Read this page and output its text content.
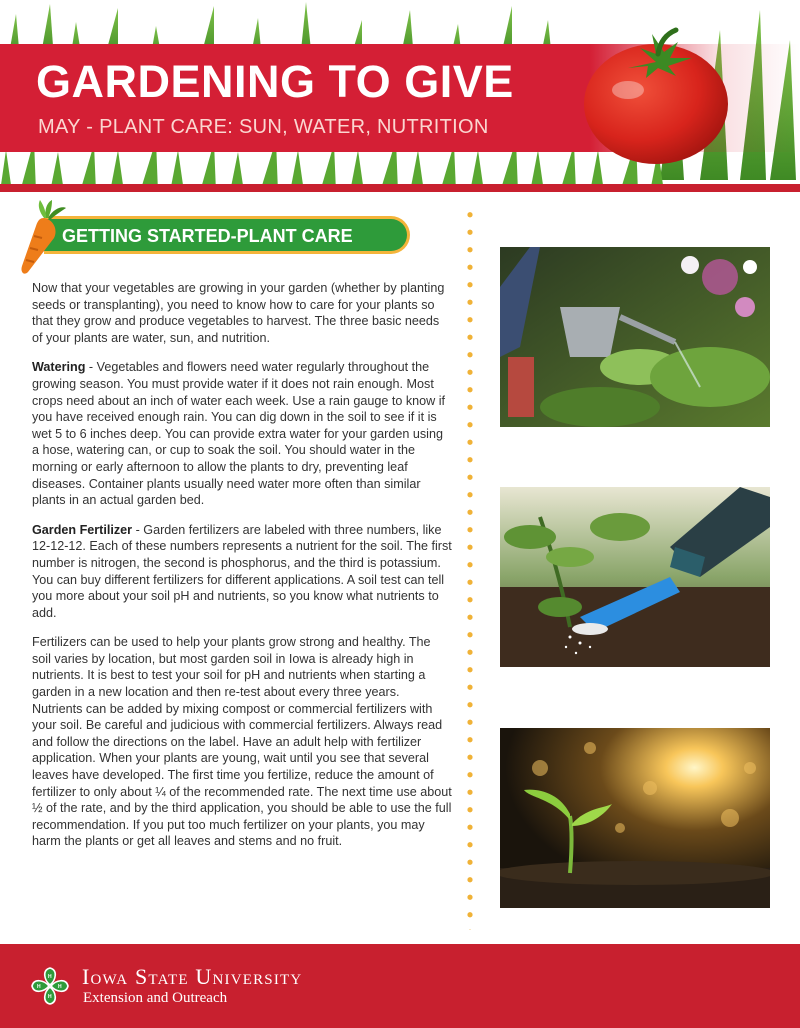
GARDENING TO GIVE

MAY - PLANT CARE: SUN, WATER, NUTRITION

GETTING STARTED-PLANT CARE

Now that your vegetables are growing in your garden (whether by planting seeds or transplanting), you need to know how to care for your plants so that they grow and produce vegetables to harvest. The three basic needs of your plants are water, sun, and nutrition.

Watering - Vegetables and flowers need water regularly throughout the growing season. You must provide water if it does not rain enough. Most crops need about an inch of water each week. Use a rain gauge to know if you have received enough rain. You can dig down in the soil to see if it is wet 5 to 6 inches deep. You can provide extra water for your garden using a hose, watering can, or cup to soak the soil. You should water in the morning or early afternoon to allow the plants to dry, preventing leaf diseases. Container plants usually need water more often than similar plants in an actual garden bed.

Garden Fertilizer - Garden fertilizers are labeled with three numbers, like 12-12-12. Each of these numbers represents a nutrient for the soil. The first number is nitrogen, the second is phosphorus, and the third is potassium. You can buy different fertilizers for different applications. A soil test can tell you more about your soil pH and nutrients, so you know what nutrients to add.

Fertilizers can be used to help your plants grow strong and healthy. The soil varies by location, but most garden soil in Iowa is already high in nutrients. It is best to test your soil for pH and nutrients when starting a garden in a new location and then re-test about every three years. Nutrients can be added by mixing compost or commercial fertilizers with your soil. Be careful and judicious with commercial fertilizers. Always read and follow the directions on the label. Have an adult help with fertilizer application. When your plants are young, wait until you see that several leaves have developed. The first time you fertilize, reduce the amount of fertilizer to only about ¼ of the recommended rate. The next time use about ½ of the rate, and by the third application, you should be able to use the full recommendation. If you put too much fertilizer on your plants, you may harm the plants or get all leaves and stems and no fruit.

H
H
H
H Iowa State University

Extension and Outreach
